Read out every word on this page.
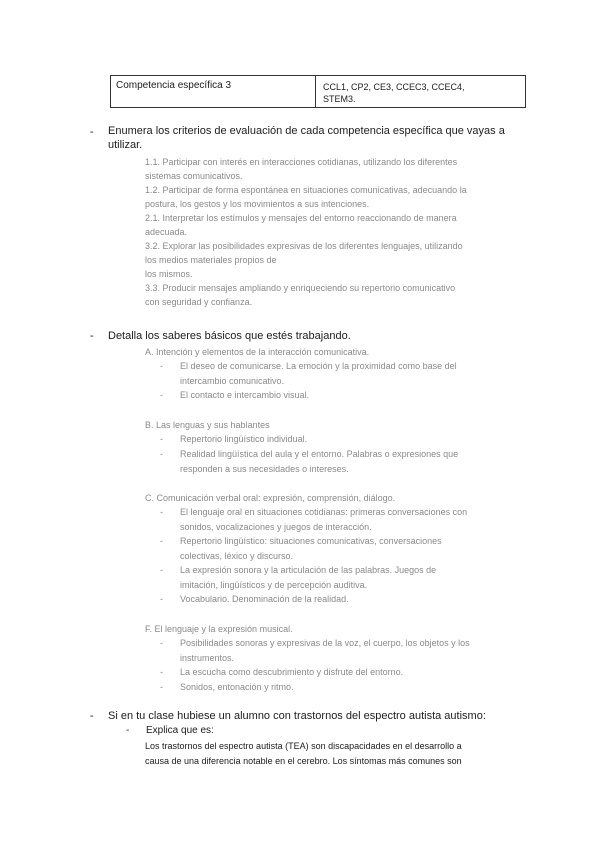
Competencia específica 3	CCL1, CP2, CE3, CCEC3, CCEC4,
STEM3.
- Enumera los criterios de evaluación de cada competencia específica que vayas a
utilizar.
1.1. Participar con interés en interacciones cotidianas, utilizando los diferentes
sistemas comunicativos.
1.2. Participar de forma espontánea en situaciones comunicativas, adecuando la
postura, los gestos y los movimientos a sus intenciones.
2.1. Interpretar los estímulos y mensajes del entorno reaccionando de manera
adecuada.
3.2. Explorar las posibilidades expresivas de los diferentes lenguajes, utilizando
los medios materiales propios de
los mismos.
3.3. Producir mensajes ampliando y enriqueciendo su repertorio comunicativo
con seguridad y confianza.
- Detalla los saberes básicos que estés trabajando.
A. Intención y elementos de la interacción comunicativa.
- El deseo de comunicarse. La emoción y la proximidad como base del
intercambio comunicativo.
- El contacto e intercambio visual.
B. Las lenguas y sus hablantes
- Repertorio lingüístico individual.
- Realidad lingüística del aula y el entorno. Palabras o expresiones que
responden a sus necesidades o intereses.
C. Comunicación verbal oral: expresión, comprensión, diálogo.
- El lenguaje oral en situaciones cotidianas: primeras conversaciones con
sonidos, vocalizaciones y juegos de interacción.
- Repertorio lingüístico: situaciones comunicativas, conversaciones
colectivas, léxico y discurso.
- La expresión sonora y la articulación de las palabras. Juegos de
imitación, lingüísticos y de percepción auditiva.
- Vocabulario. Denominación de la realidad.
F. El lenguaje y la expresión musical.
- Posibilidades sonoras y expresivas de la voz, el cuerpo, los objetos y los
instrumentos.
- La escucha como descubrimiento y disfrute del entorno.
- Sonidos, entonación y ritmo.
- Si en tu clase hubiese un alumno con trastornos del espectro autista autismo:
- Explica que es:
Los trastornos del espectro autista (TEA) son discapacidades en el desarrollo a
causa de una diferencia notable en el cerebro. Los síntomas más comunes son
